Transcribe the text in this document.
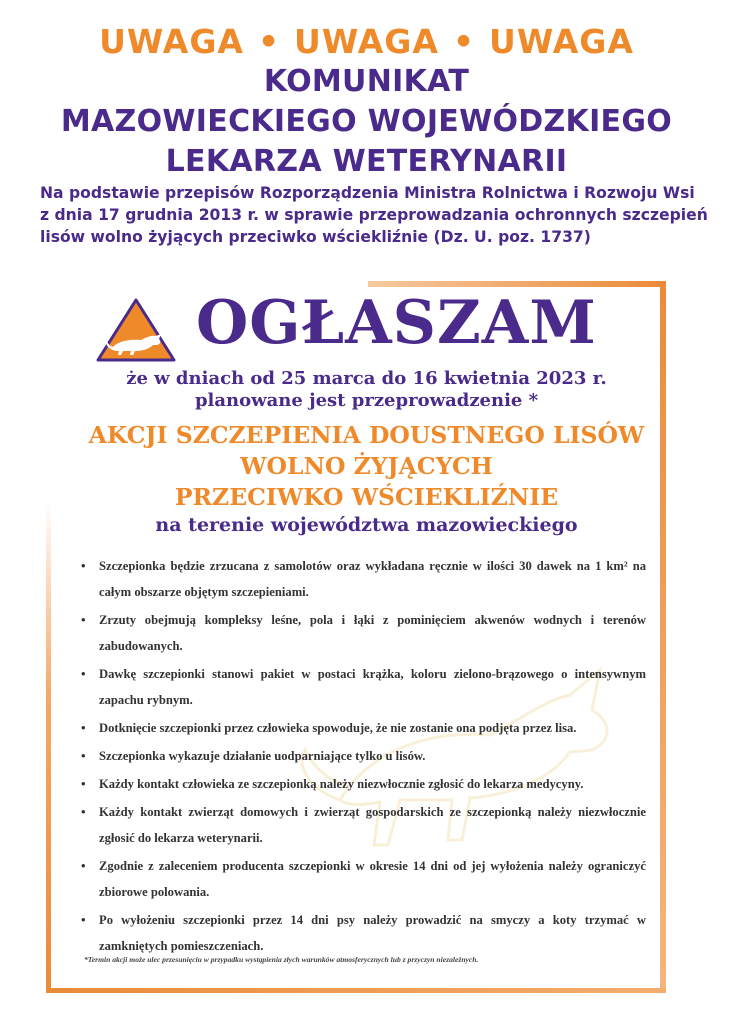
UWAGA • UWAGA • UWAGA
KOMUNIKAT
MAZOWIECKIEGO WOJEWÓDZKIEGO
LEKARZA WETERYNARII
Na podstawie przepisów Rozporządzenia Ministra Rolnictwa i Rozwoju Wsi
z dnia 17 grudnia 2013 r. w sprawie przeprowadzania ochronnych szczepień
lisów wolno żyjących przeciwko wściekliźnie (Dz. U. poz. 1737)
OGŁASZAM
że w dniach od 25 marca do 16 kwietnia 2023 r.
planowane jest przeprowadzenie *
AKCJI SZCZEPIENIA DOUSTNEGO LISÓW
WOLNO ŻYJĄCYCH
PRZECIWKO WŚCIEKLIŹNIE
na terenie województwa mazowieckiego
• Szczepionka będzie zrzucana z samolotów oraz wykładana ręcznie w ilości 30 dawek na 1 km² na całym obszarze objętym szczepieniami.
• Zrzuty obejmują kompleksy leśne, pola i łąki z pominięciem akwenów wodnych i terenów zabudowanych.
• Dawkę szczepionki stanowi pakiet w postaci krążka, koloru zielono-brązowego o intensywnym zapachu rybnym.
• Dotknięcie szczepionki przez człowieka spowoduje, że nie zostanie ona podjęta przez lisa.
• Szczepionka wykazuje działanie uodparniające tylko u lisów.
• Każdy kontakt człowieka ze szczepionką należy niezwłocznie zgłosić do lekarza medycyny.
• Każdy kontakt zwierząt domowych i zwierząt gospodarskich ze szczepionką należy niezwłocznie zgłosić do lekarza weterynarii.
• Zgodnie z zaleceniem producenta szczepionki w okresie 14 dni od jej wyłożenia należy ograniczyć zbiorowe polowania.
• Po wyłożeniu szczepionki przez 14 dni psy należy prowadzić na smyczy a koty trzymać w zamkniętych pomieszczeniach.
*Termin akcji może ulec przesunięciu w przypadku wystąpienia złych warunków atmosferycznych lub z przyczyn niezależnych.
